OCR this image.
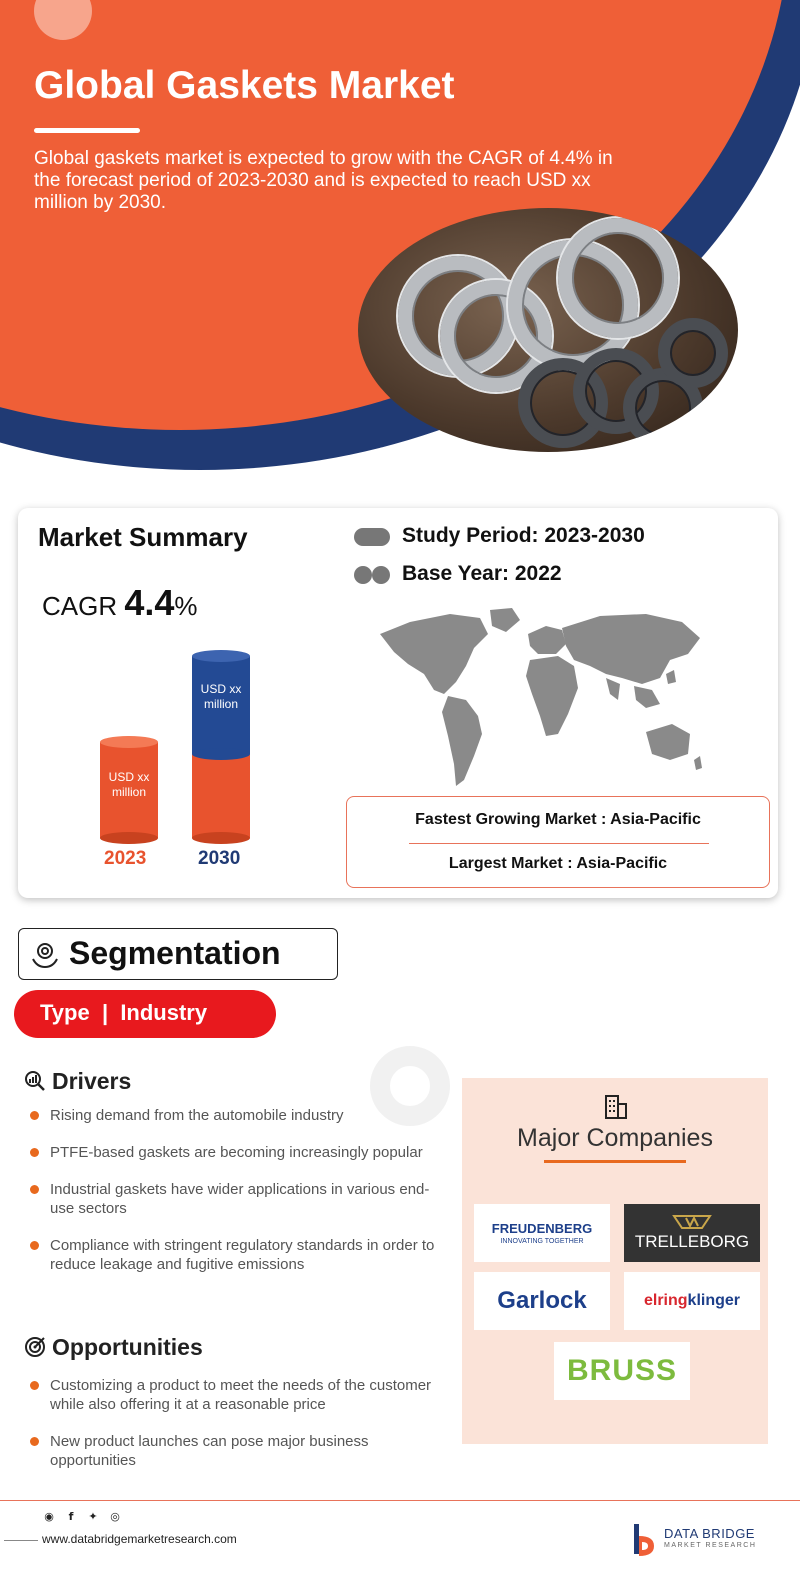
Global Gaskets Market

Global gaskets market is expected to grow with the CAGR of 4.4% in the forecast period of 2023-2030 and is expected to reach USD xx million by 2030.

Market Summary
CAGR 4.4%
Study Period: 2023-2030
Base Year: 2022
USD xx million
2023
USD xx million
2030
Fastest Growing Market : Asia-Pacific
Largest Market : Asia-Pacific
Segmentation
Type  |  Industry
Drivers
Rising demand from the automobile industry
PTFE-based gaskets are becoming increasingly popular
Industrial gaskets have wider applications in various end-use sectors
Compliance with stringent regulatory standards in order to reduce leakage and fugitive emissions
Opportunities
Customizing a product to meet the needs of the customer while also offering it at a reasonable price
New product launches can pose major business opportunities
Major Companies
FREUDENBERG
INNOVATING TOGETHER	TRELLEBORG
Garlock	elringklinger
BRUSS
◉	f	✦ ◎
www.databridgemarketresearch.com	DATA BRIDGE
MARKET RESEARCH
